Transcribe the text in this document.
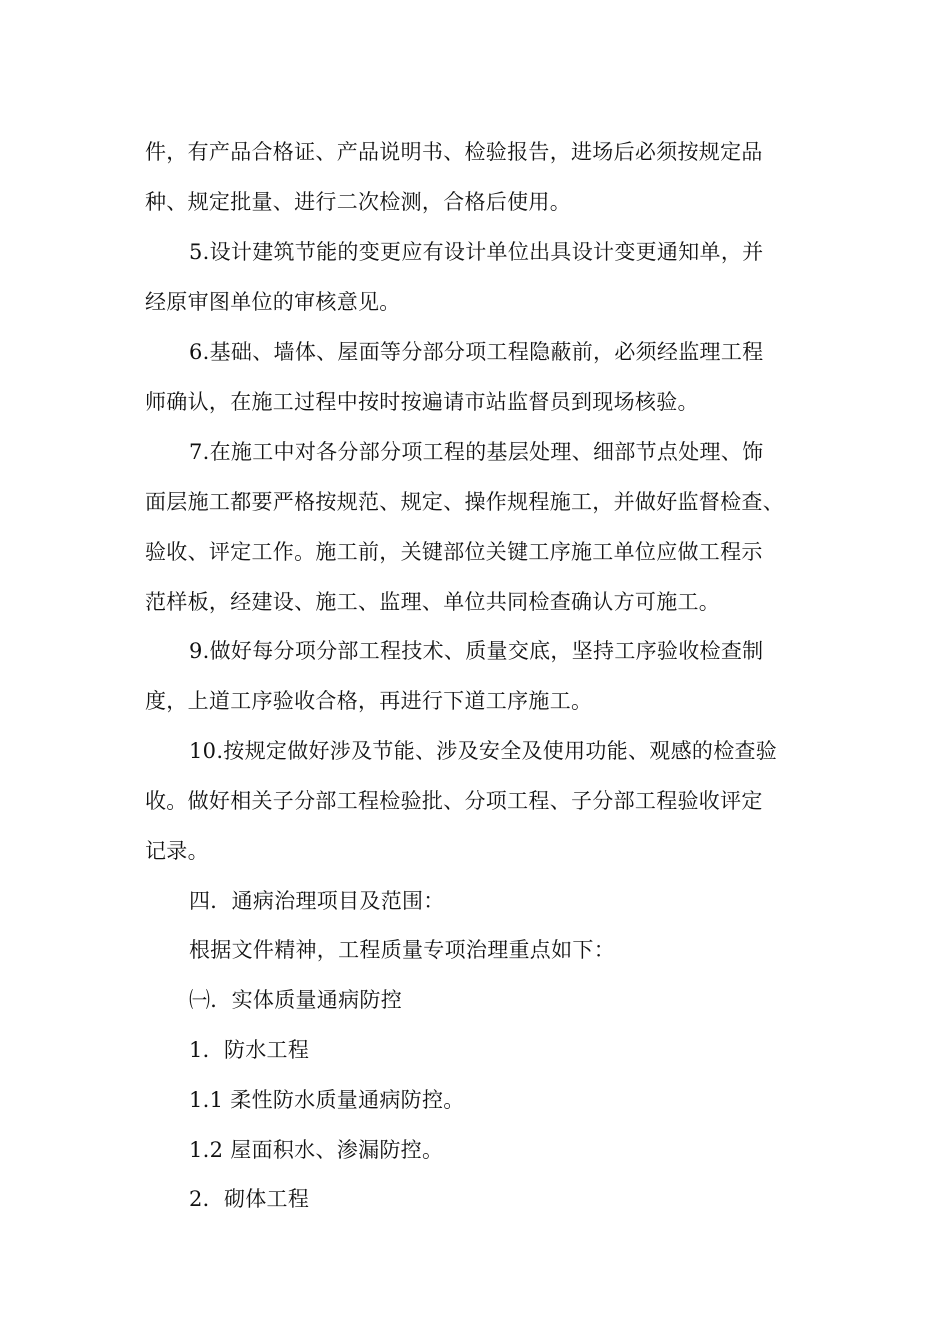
件，有产品合格证、产品说明书、检验报告，进场后必须按规定品
种、规定批量、进行二次检测，合格后使用。
5.设计建筑节能的变更应有设计单位出具设计变更通知单，并
经原审图单位的审核意见。
6.基础、墙体、屋面等分部分项工程隐蔽前，必须经监理工程
师确认，在施工过程中按时按遍请市站监督员到现场核验。
7.在施工中对各分部分项工程的基层处理、细部节点处理、饰
面层施工都要严格按规范、规定、操作规程施工，并做好监督检查、
验收、评定工作。施工前，关键部位关键工序施工单位应做工程示
范样板，经建设、施工、监理、单位共同检查确认方可施工。
9.做好每分项分部工程技术、质量交底，坚持工序验收检查制
度，上道工序验收合格，再进行下道工序施工。
10.按规定做好涉及节能、涉及安全及使用功能、观感的检查验
收。做好相关子分部工程检验批、分项工程、子分部工程验收评定
记录。
四．通病治理项目及范围：
根据文件精神，工程质量专项治理重点如下：
㈠．实体质量通病防控
1．防水工程
1.1 柔性防水质量通病防控。
1.2 屋面积水、渗漏防控。
2．砌体工程
